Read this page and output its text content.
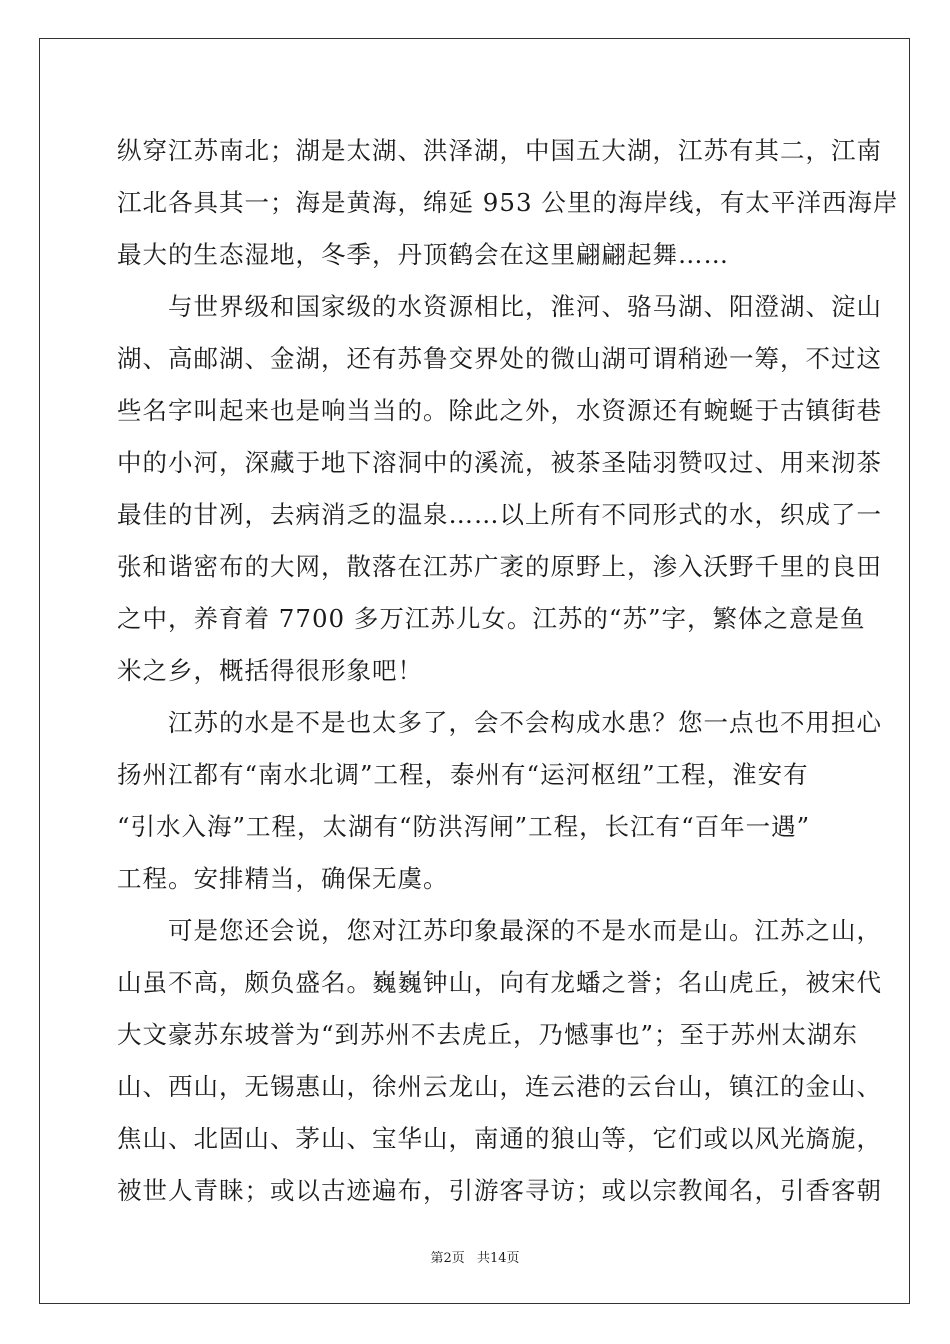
纵穿江苏南北；湖是太湖、洪泽湖，中国五大湖，江苏有其二，江南
江北各具其一；海是黄海，绵延 953 公里的海岸线，有太平洋西海岸
最大的生态湿地，冬季，丹顶鹤会在这里翩翩起舞……
　　与世界级和国家级的水资源相比，淮河、骆马湖、阳澄湖、淀山
湖、高邮湖、金湖，还有苏鲁交界处的微山湖可谓稍逊一筹，不过这
些名字叫起来也是响当当的。除此之外，水资源还有蜿蜒于古镇街巷
中的小河，深藏于地下溶洞中的溪流，被茶圣陆羽赞叹过、用来沏茶
最佳的甘冽，去病消乏的温泉……以上所有不同形式的水，织成了一
张和谐密布的大网，散落在江苏广袤的原野上，渗入沃野千里的良田
之中，养育着 7700 多万江苏儿女。江苏的“苏”字，繁体之意是鱼
米之乡，概括得很形象吧！
　　江苏的水是不是也太多了，会不会构成水患？您一点也不用担心
扬州江都有“南水北调”工程，泰州有“运河枢纽”工程，淮安有
“引水入海”工程，太湖有“防洪泻闸”工程，长江有“百年一遇”
工程。安排精当，确保无虞。
　　可是您还会说，您对江苏印象最深的不是水而是山。江苏之山，
山虽不高，颇负盛名。巍巍钟山，向有龙蟠之誉；名山虎丘，被宋代
大文豪苏东坡誉为“到苏州不去虎丘，乃憾事也”；至于苏州太湖东
山、西山，无锡惠山，徐州云龙山，连云港的云台山，镇江的金山、
焦山、北固山、茅山、宝华山，南通的狼山等，它们或以风光旖旎，
被世人青睐；或以古迹遍布，引游客寻访；或以宗教闻名，引香客朝
第2页 共14页
